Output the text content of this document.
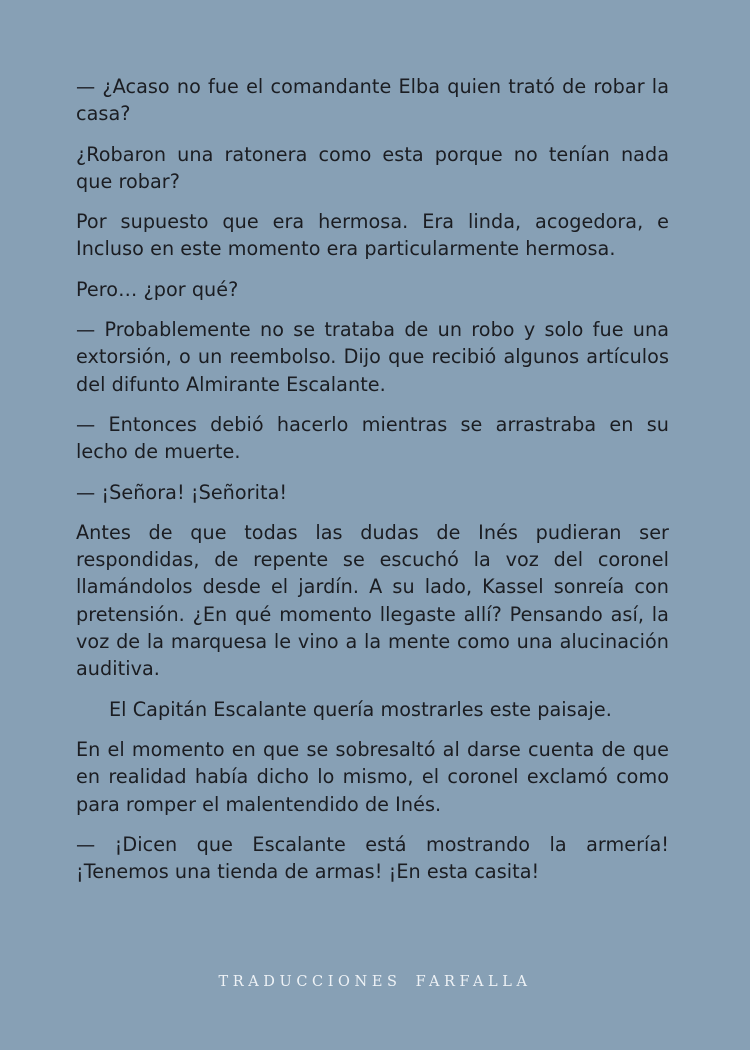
— ¿Acaso no fue el comandante Elba quien trató de robar la casa?

¿Robaron una ratonera como esta porque no tenían nada que robar?

Por supuesto que era hermosa. Era linda, acogedora, e Incluso en este momento era particularmente hermosa.

Pero… ¿por qué?

— Probablemente no se trataba de un robo y solo fue una extorsión, o un reembolso. Dijo que recibió algunos artículos del difunto Almirante Escalante.

— Entonces debió hacerlo mientras se arrastraba en su lecho de muerte.

— ¡Señora! ¡Señorita!

Antes de que todas las dudas de Inés pudieran ser respondidas, de repente se escuchó la voz del coronel llamándolos desde el jardín. A su lado, Kassel sonreía con pretensión. ¿En qué momento llegaste allí? Pensando así, la voz de la marquesa le vino a la mente como una alucinación auditiva.

El Capitán Escalante quería mostrarles este paisaje.

En el momento en que se sobresaltó al darse cuenta de que en realidad había dicho lo mismo, el coronel exclamó como para romper el malentendido de Inés.

— ¡Dicen que Escalante está mostrando la armería! ¡Tenemos una tienda de armas! ¡En esta casita!

TRADUCCIONES FARFALLA
